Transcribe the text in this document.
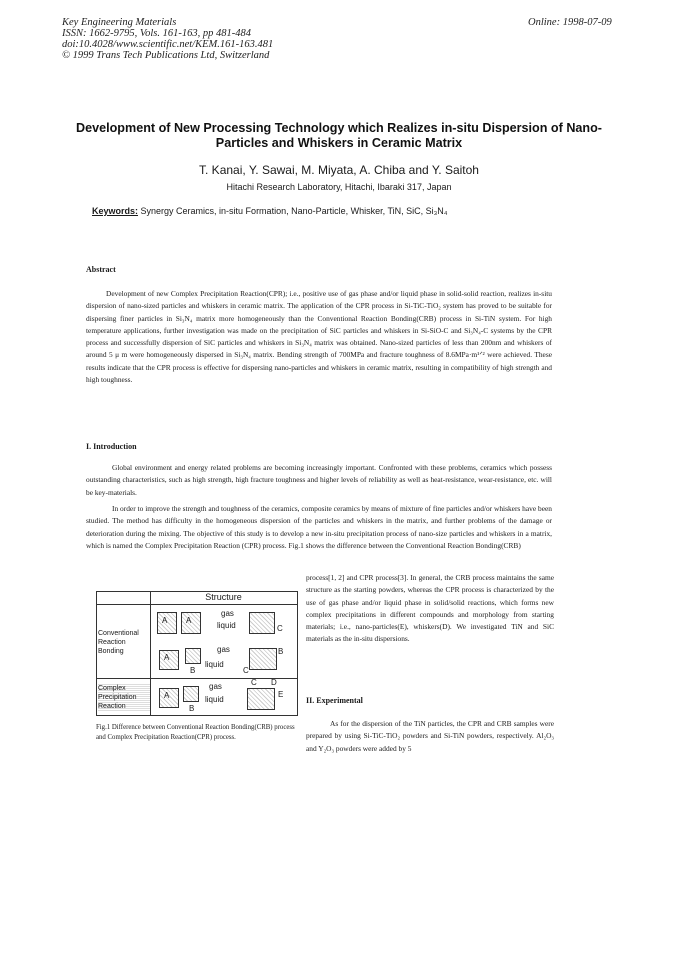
Key Engineering Materials
ISSN: 1662-9795, Vols. 161-163, pp 481-484
doi:10.4028/www.scientific.net/KEM.161-163.481
© 1999 Trans Tech Publications Ltd, Switzerland
Online: 1998-07-09
Development of New Processing Technology which Realizes in-situ Dispersion of Nano-Particles and Whiskers in Ceramic Matrix
T. Kanai, Y. Sawai, M. Miyata, A. Chiba and Y. Saitoh
Hitachi Research Laboratory, Hitachi, Ibaraki 317, Japan
Keywords: Synergy Ceramics, in-situ Formation, Nano-Particle, Whisker, TiN, SiC, Si₃N₄
Abstract
Development of new Complex Precipitation Reaction(CPR); i.e., positive use of gas phase and/or liquid phase in solid-solid reaction, realizes in-situ dispersion of nano-sized particles and whiskers in ceramic matrix. The application of the CPR process in Si-TiC-TiO₂ system has proved to be suitable for dispersing finer particles in Si₃N₄ matrix more homogeneously than the Conventional Reaction Bonding(CRB) process in Si-TiN system. For high temperature applications, further investigation was made on the precipitation of SiC particles and whiskers in Si-SiO-C and Si₃N₄-C systems by the CPR process and successfully dispersion of SiC particles and whiskers in Si₃N₄ matrix was obtained. Nano-sized particles of less than 200nm and whiskers of around 5 μ m were homogeneously dispersed in Si₃N₄ matrix. Bending strength of 700MPa and fracture toughness of 8.6MPa·m¹ᐟ² were achieved. These results indicate that the CPR process is effective for dispersing nano-particles and whiskers in ceramic matrix, resulting in compatibility of high strength and high toughness.
I. Introduction
Global environment and energy related problems are becoming increasingly important. Confronted with these problems, ceramics which possess outstanding characteristics, such as high strength, high fracture toughness and higher levels of reliability as well as heat-resistance, wear-resistance, etc. will be key-materials.
In order to improve the strength and toughness of the ceramics, composite ceramics by means of mixture of fine particles and/or whiskers have been studied. The method has difficulty in the homogeneous dispersion of the particles and whiskers in the matrix, and further problems of the damage or deterioration during the mixing. The objective of this study is to develop a new in-situ precipitation process of nano-size particles and whiskers in a matrix, which is named the Complex Precipitation Reaction (CPR) process. Fig.1 shows the difference between the Conventional Reaction Bonding(CRB)
process[1, 2] and CPR process[3]. In general, the CRB process maintains the same structure as the starting powders, whereas the CPR process is characterized by the use of gas phase and/or liquid phase in solid/solid reactions, which forms new complex precipitations in different compounds and morphology from starting materials; i.e., nano-particles(E), whiskers(D). We investigated TiN and SiC materials as the in-situ dispersions.
II. Experimental
As for the dispersion of the TiN particles, the CPR and CRB samples were prepared by using Si-TiC-TiO₂ powders and Si-TiN powders, respectively. Al₂O₃ and Y₂O₃ powders were added by 5
Structure
Conventional Reaction Bonding
Complex Precipitation Reaction
A A
gas
liquid	C
A
B
gas
liquid
C
B
A
B
gas
liquid
C D
E
Fig.1 Difference between Conventional Reaction Bonding(CRB) process and Complex Precipitation Reaction(CPR) process.
